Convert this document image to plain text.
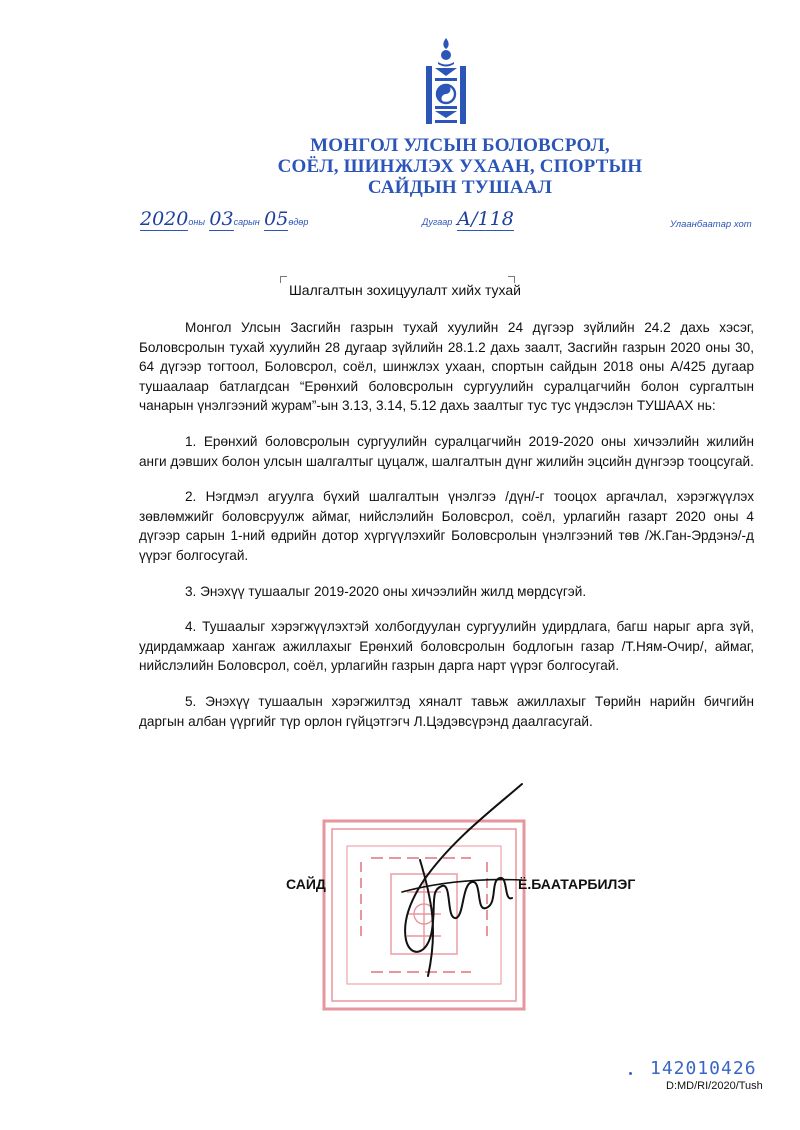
МОНГОЛ УЛСЫН БОЛОВСРОЛ,
СОЁЛ, ШИНЖЛЭХ УХААН, СПОРТЫН
САЙДЫН ТУШААЛ
2020оны 03сарын 05өдөр	Дугаар А/118	Улаанбаатар хот
Шалгалтын зохицуулалт хийх тухай

Монгол Улсын Засгийн газрын тухай хуулийн 24 дүгээр зүйлийн 24.2 дахь хэсэг, Боловсролын тухай хуулийн 28 дугаар зүйлийн 28.1.2 дахь заалт, Засгийн газрын 2020 оны 30, 64 дүгээр тогтоол, Боловсрол, соёл, шинжлэх ухаан, спортын сайдын 2018 оны А/425 дугаар тушаалаар батлагдсан “Ерөнхий боловсролын сургуулийн суралцагчийн болон сургалтын чанарын үнэлгээний журам”-ын 3.13, 3.14, 5.12 дахь заалтыг тус тус үндэслэн ТУШААХ нь:

1. Ерөнхий боловсролын сургуулийн суралцагчийн 2019-2020 оны хичээлийн жилийн анги дэвших болон улсын шалгалтыг цуцалж, шалгалтын дүнг жилийн эцсийн дүнгээр тооцсугай.

2. Нэгдмэл агуулга бүхий шалгалтын үнэлгээ /дүн/-г тооцох аргачлал, хэрэгжүүлэх зөвлөмжийг боловсруулж аймаг, нийслэлийн Боловсрол, соёл, урлагийн газарт 2020 оны 4 дүгээр сарын 1-ний өдрийн дотор хүргүүлэхийг Боловсролын үнэлгээний төв /Ж.Ган-Эрдэнэ/-д үүрэг болгосугай.

3. Энэхүү тушаалыг 2019-2020 оны хичээлийн жилд мөрдсүгэй.

4. Тушаалыг хэрэгжүүлэхтэй холбогдуулан сургуулийн удирдлага, багш нарыг арга зүй, удирдамжаар хангаж ажиллахыг Ерөнхий боловсролын бодлогын газар /Т.Ням-Очир/, аймаг, нийслэлийн Боловсрол, соёл, урлагийн газрын дарга нарт үүрэг болгосугай.

5. Энэхүү тушаалын хэрэгжилтэд хяналт тавьж ажиллахыг Төрийн нарийн бичгийн даргын албан үүргийг түр орлон гүйцэтгэгч Л.Цэдэвсүрэнд даалгасугай.

САЙД	Ё.БААТАРБИЛЭГ
142010426
D:MD/RI/2020/Tush
